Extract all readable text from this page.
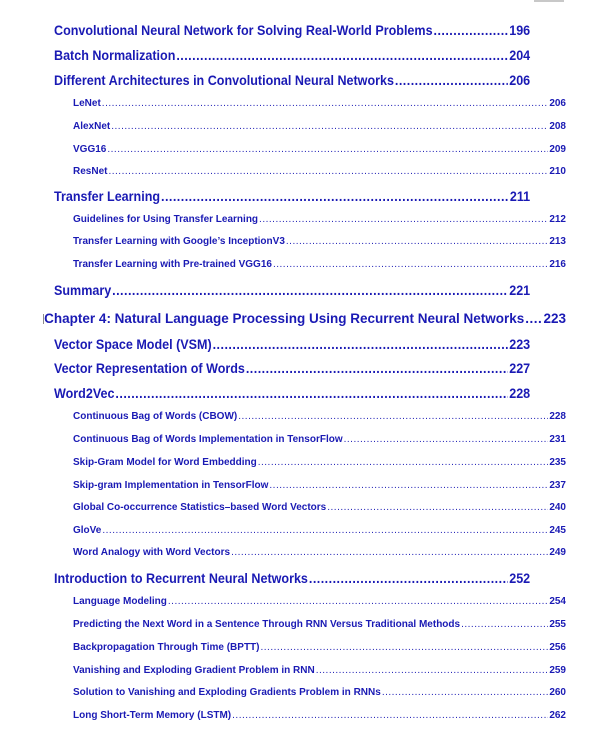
Convolutional Neural Network for Solving Real-World Problems .....	196
Batch Normalization .....	204
Different Architectures in Convolutional Neural Networks .....	206
LeNet .....	206
AlexNet .....	208
VGG16 .....	209
ResNet .....	210
Transfer Learning .....	211
Guidelines for Using Transfer Learning .....	212
Transfer Learning with Google’s InceptionV3 .....	213
Transfer Learning with Pre-trained VGG16 .....	216
Summary .....	221
Chapter 4: Natural Language Processing Using Recurrent Neural Networks ..... 223
Vector Space Model (VSM) .....	223
Vector Representation of Words .....	227
Word2Vec .....	228
Continuous Bag of Words (CBOW) .....	228
Continuous Bag of Words Implementation in TensorFlow .....	231
Skip-Gram Model for Word Embedding .....	235
Skip-gram Implementation in TensorFlow .....	237
Global Co-occurrence Statistics–based Word Vectors .....	240
GloVe .....	245
Word Analogy with Word Vectors .....	249
Introduction to Recurrent Neural Networks .....	252
Language Modeling .....	254
Predicting the Next Word in a Sentence Through RNN Versus Traditional Methods .....	255
Backpropagation Through Time (BPTT) .....	256
Vanishing and Exploding Gradient Problem in RNN .....	259
Solution to Vanishing and Exploding Gradients Problem in RNNs .....	260
Long Short-Term Memory (LSTM) .....	262
